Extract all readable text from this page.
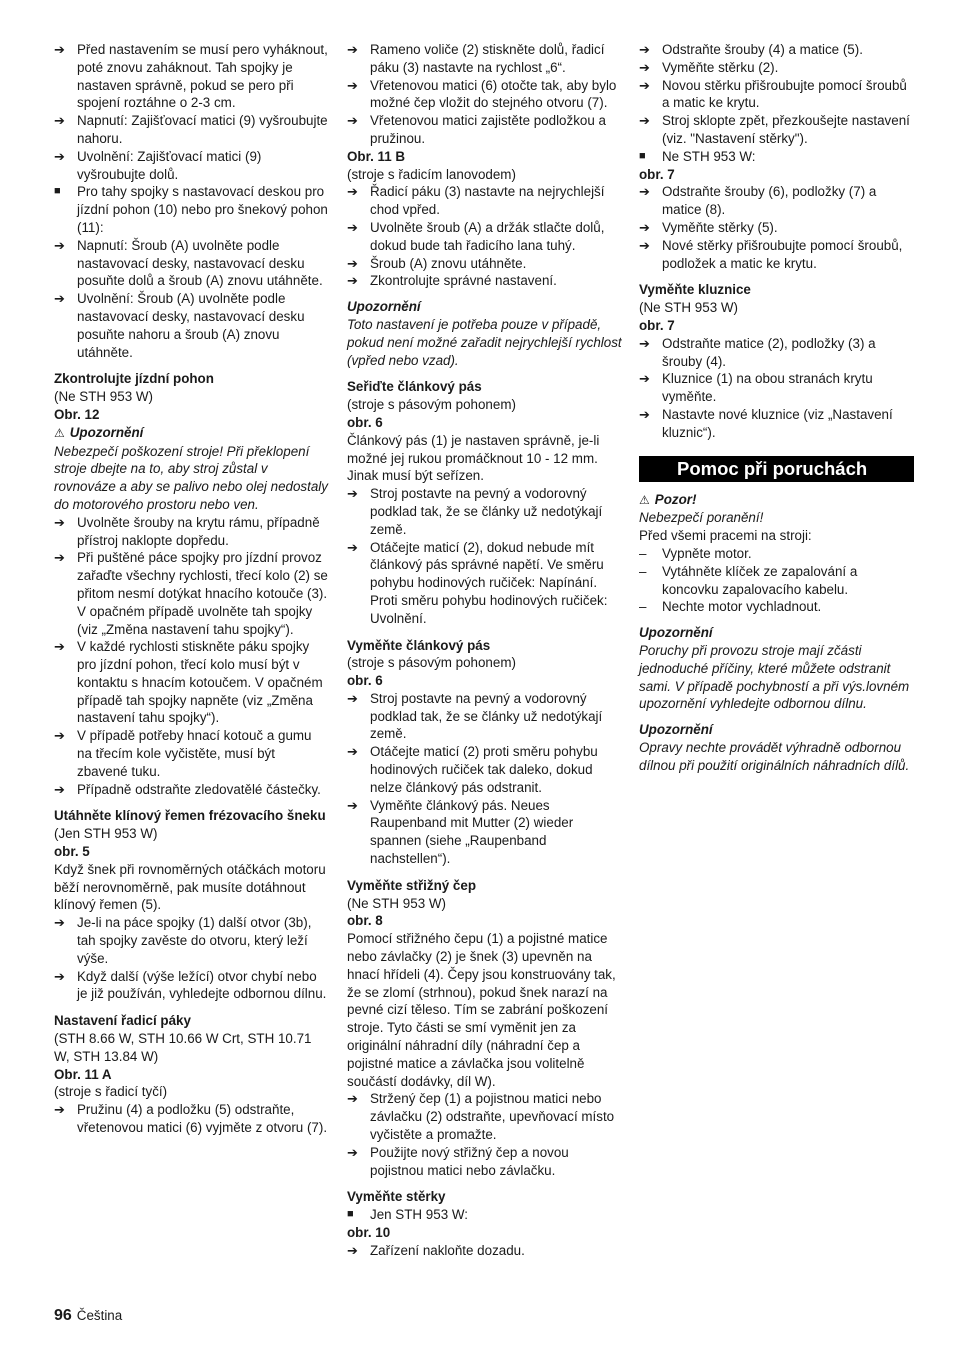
➔ Před nastavením se musí pero vyháknout, poté znovu zaháknout. Tah spojky je nastaven správně, pokud se pero při spojení roztáhne o 2-3 cm.
➔ Napnutí: Zajišťovací matici (9) vyšroubujte nahoru.
➔ Uvolnění: Zajišťovací matici (9) vyšroubujte dolů.
■	Pro tahy spojky s nastavovací deskou pro jízdní pohon (10) nebo pro šnekový pohon (11):
➔ Napnutí: Šroub (A) uvolněte podle nastavovací desky, nastavovací desku posuňte dolů a šroub (A) znovu utáhněte.
➔ Uvolnění: Šroub (A) uvolněte podle nastavovací desky, nastavovací desku posuňte nahoru a šroub (A) znovu utáhněte.
Zkontrolujte jízdní pohon
(Ne STH 953 W)
Obr. 12
⚠ Upozornění
Nebezpečí poškození stroje! Při překlopení stroje dbejte na to, aby stroj zůstal v rovnováze a aby se palivo nebo olej nedostaly do motorového prostoru nebo ven.
➔ Uvolněte šrouby na krytu rámu, případně přístroj naklopte dopředu.
➔ Při puštěné páce spojky pro jízdní provoz zařaďte všechny rychlosti, třecí kolo (2) se přitom nesmí dotýkat hnacího kotouče (3). V opačném případě uvolněte tah spojky (viz „Změna nastavení tahu spojky“).
➔ V každé rychlosti stiskněte páku spojky pro jízdní pohon, třecí kolo musí být v kontaktu s hnacím kotoučem. V opačném případě tah spojky napněte (viz „Změna nastavení tahu spojky“).
➔ V případě potřeby hnací kotouč a gumu na třecím kole vyčistěte, musí být zbavené tuku.
➔ Případně odstraňte zledovatělé částečky.
Utáhněte klínový řemen frézovacího šneku
(Jen STH 953 W)
obr. 5
Když šnek při rovnoměrných otáčkách motoru běží nerovnoměrně, pak musíte dotáhnout klínový řemen (5).
➔ Je-li na páce spojky (1) další otvor (3b), tah spojky zavěste do otvoru, který leží výše.
➔ Když další (výše ležící) otvor chybí nebo je již používán, vyhledejte odbornou dílnu.
Nastavení řadicí páky
(STH 8.66 W, STH 10.66 W Crt, STH 10.71 W, STH 13.84 W)
Obr. 11 A
(stroje s řadicí tyčí)
➔ Pružinu (4) a podložku (5) odstraňte, vřetenovou matici (6) vyjměte z otvoru (7).
➔ Rameno voliče (2) stiskněte dolů, řadicí páku (3) nastavte na rychlost „6“.
➔ Vřetenovou matici (6) otočte tak, aby bylo možné čep vložit do stejného otvoru (7).
➔ Vřetenovou matici zajistěte podložkou a pružinou.
Obr. 11 B
(stroje s řadicím lanovodem)
➔ Řadicí páku (3) nastavte na nejrychlejší chod vpřed.
➔ Uvolněte šroub (A) a držák stlačte dolů, dokud bude tah řadicího lana tuhý.
➔ Šroub (A) znovu utáhněte.
➔ Zkontrolujte správné nastavení.
Upozornění
Toto nastavení je potřeba pouze v případě, pokud není možné zařadit nejrychlejší rychlost (vpřed nebo vzad).
Seřiďte článkový pás
(stroje s pásovým pohonem)
obr. 6
Článkový pás (1) je nastaven správně, je-li možné jej rukou promáčknout 10 - 12 mm. Jinak musí být seřízen.
➔ Stroj postavte na pevný a vodorovný podklad tak, že se články už nedotýkají země.
➔ Otáčejte maticí (2), dokud nebude mít článkový pás správné napětí. Ve směru pohybu hodinových ručiček: Napínání. Proti směru pohybu hodinových ručiček: Uvolnění.
Vyměňte článkový pás
(stroje s pásovým pohonem)
obr. 6
➔ Stroj postavte na pevný a vodorovný podklad tak, že se články už nedotýkají země.
➔ Otáčejte maticí (2) proti směru pohybu hodinových ručiček tak daleko, dokud nelze článkový pás odstranit.
➔ Vyměňte článkový pás. Neues Raupenband mit Mutter (2) wieder spannen (siehe „Raupenband nachstellen“).
Vyměňte střižný čep
(Ne STH 953 W)
obr. 8
Pomocí střižného čepu (1) a pojistné matice nebo závlačky (2) je šnek (3) upevněn na hnací hřídeli (4). Čepy jsou konstruovány tak, že se zlomí (strhnou), pokud šnek narazí na pevné cizí těleso. Tím se zabrání poškození stroje. Tyto části se smí vyměnit jen za originální náhradní díly (náhradní čep a pojistné matice a závlačka jsou volitelně součástí dodávky, díl W).
➔ Stržený čep (1) a pojistnou matici nebo závlačku (2) odstraňte, upevňovací místo vyčistěte a promažte.
➔ Použijte nový střižný čep a novou pojistnou matici nebo závlačku.
Vyměňte stěrky
■	Jen STH 953 W:
obr. 10
➔ Zařízení nakloňte dozadu.
➔ Odstraňte šrouby (4) a matice (5).
➔ Vyměňte stěrku (2).
➔ Novou stěrku přišroubujte pomocí šroubů a matic ke krytu.
➔ Stroj sklopte zpět, přezkoušejte nastavení (viz. "Nastavení stěrky").
■	Ne STH 953 W:
obr. 7
➔ Odstraňte šrouby (6), podložky (7) a matice (8).
➔ Vyměňte stěrky (5).
➔ Nové stěrky přišroubujte pomocí šroubů, podložek a matic ke krytu.
Vyměňte kluznice
(Ne STH 953 W)
obr. 7
➔ Odstraňte matice (2), podložky (3) a šrouby (4).
➔ Kluznice (1) na obou stranách krytu vyměňte.
➔ Nastavte nové kluznice (viz „Nastavení kluznic“).
Pomoc při poruchách
⚠ Pozor!
Nebezpečí poranění!
Před všemi pracemi na stroji:
–	Vypněte motor.
–	Vytáhněte klíček ze zapalování a koncovku zapalovacího kabelu.
–	Nechte motor vychladnout.
Upozornění
Poruchy při provozu stroje mají zčásti jednoduché příčiny, které můžete odstranit sami. V případě pochybností a při výs.lovném upozornění vyhledejte odbornou dílnu.
Upozornění
Opravy nechte provádět výhradně odbornou dílnou při použití originálních náhradních dílů.
96 Čeština
